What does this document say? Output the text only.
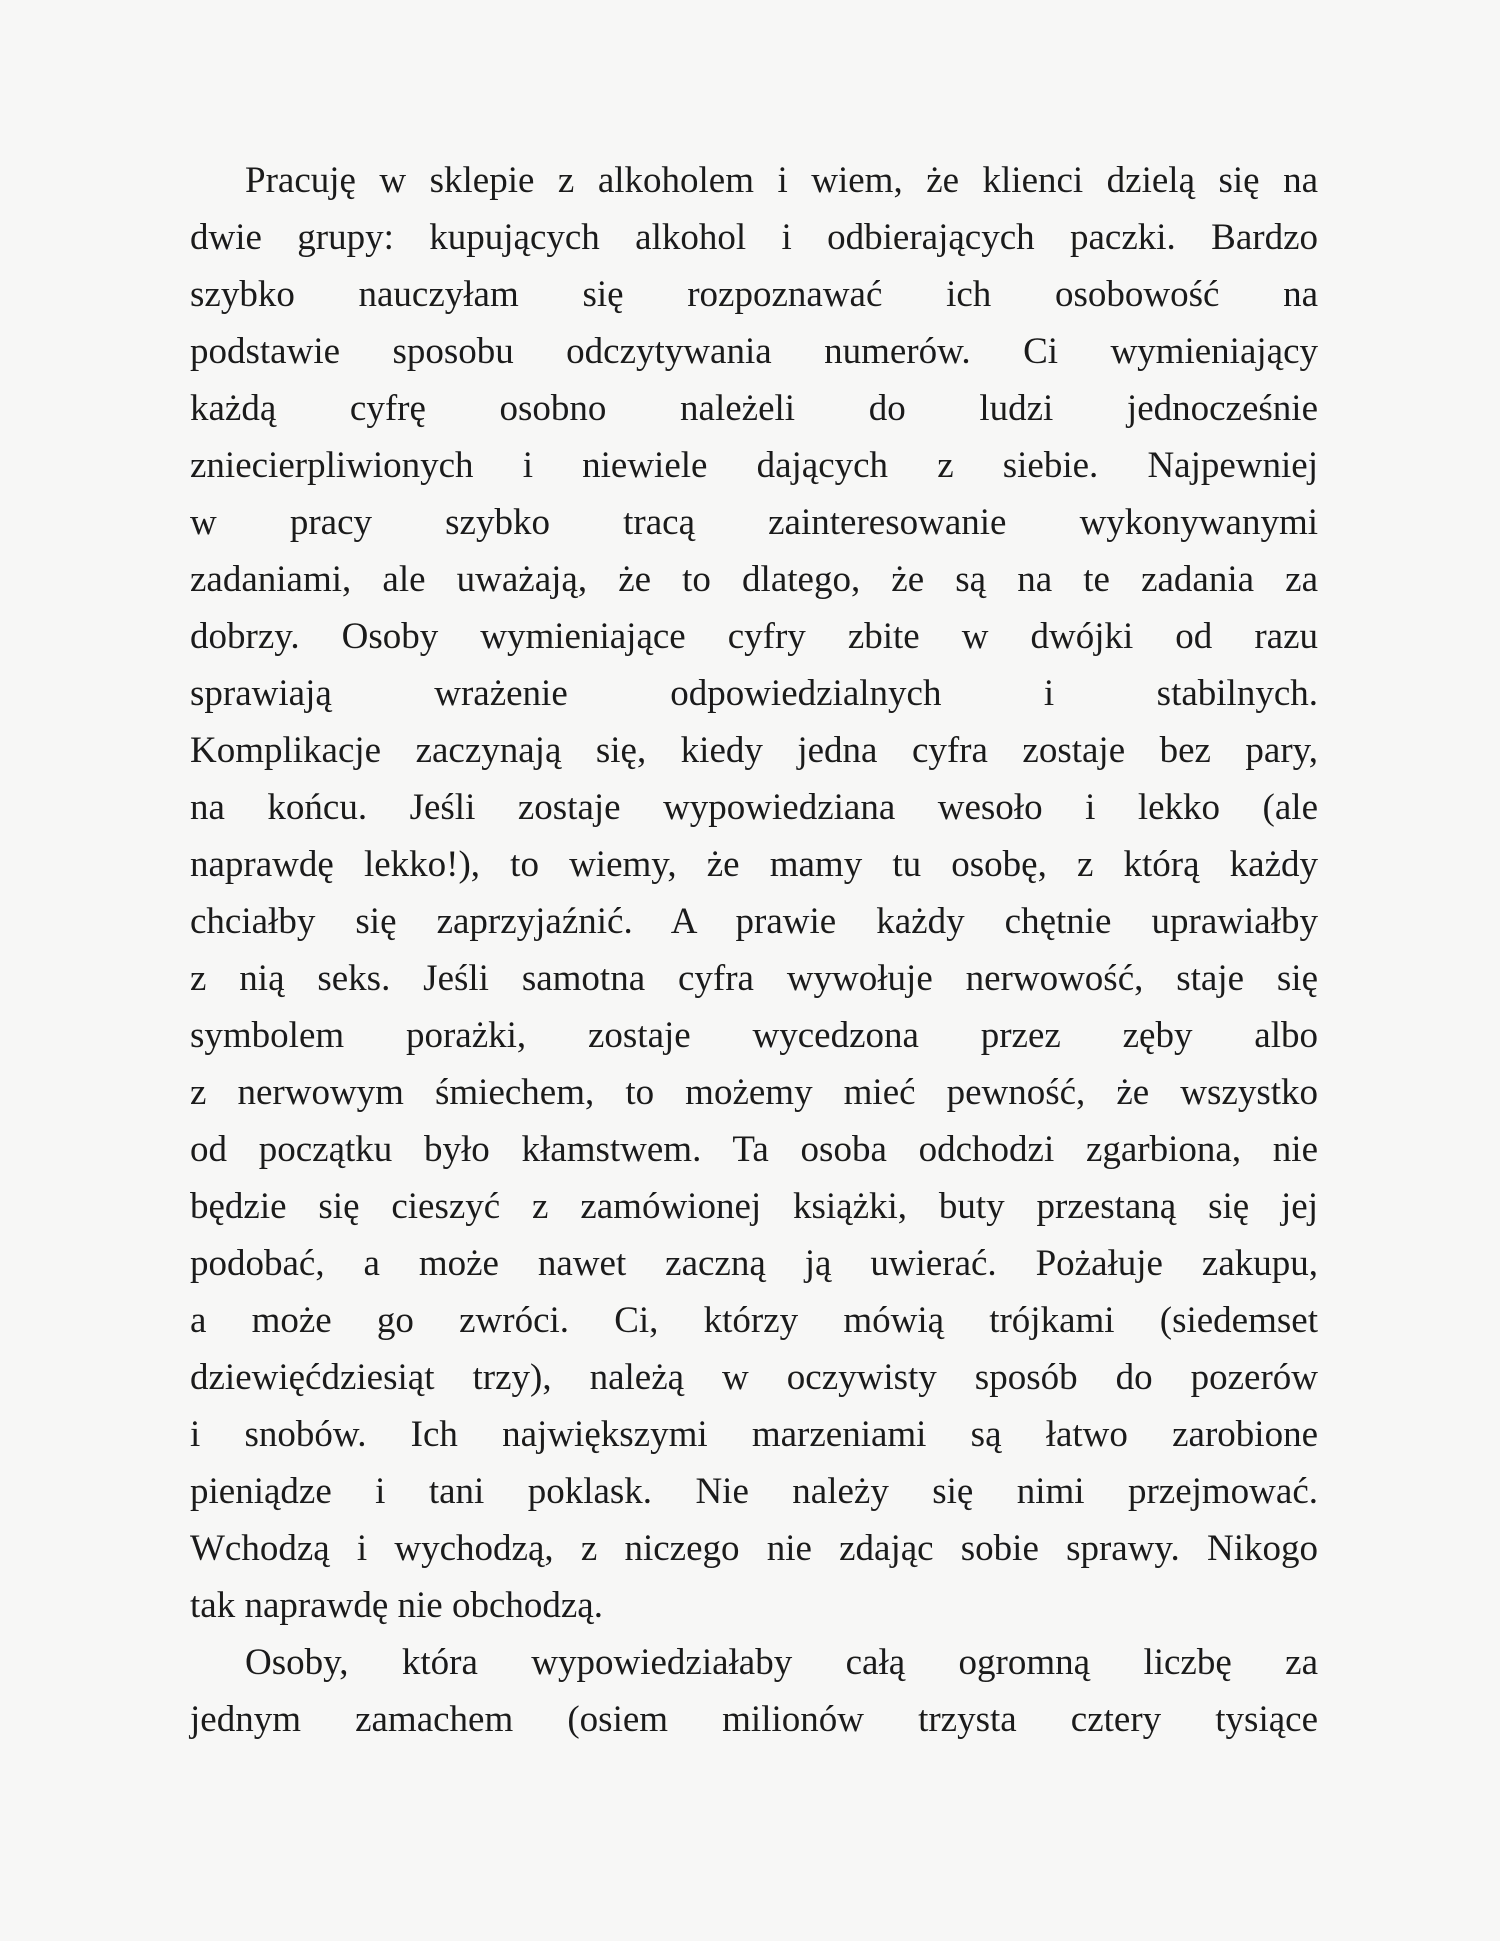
Pracuję w sklepie z alkoholem i wiem, że klienci dzielą się na
dwie grupy: kupujących alkohol i odbierających paczki. Bardzo
szybko nauczyłam się rozpoznawać ich osobowość na
podstawie sposobu odczytywania numerów. Ci wymieniający
każdą cyfrę osobno należeli do ludzi jednocześnie
zniecierpliwionych i niewiele dających z siebie. Najpewniej
w pracy szybko tracą zainteresowanie wykonywanymi
zadaniami, ale uważają, że to dlatego, że są na te zadania za
dobrzy. Osoby wymieniające cyfry zbite w dwójki od razu
sprawiają wrażenie odpowiedzialnych i stabilnych.
Komplikacje zaczynają się, kiedy jedna cyfra zostaje bez pary,
na końcu. Jeśli zostaje wypowiedziana wesoło i lekko (ale
naprawdę lekko!), to wiemy, że mamy tu osobę, z którą każdy
chciałby się zaprzyjaźnić. A prawie każdy chętnie uprawiałby
z nią seks. Jeśli samotna cyfra wywołuje nerwowość, staje się
symbolem porażki, zostaje wycedzona przez zęby albo
z nerwowym śmiechem, to możemy mieć pewność, że wszystko
od początku było kłamstwem. Ta osoba odchodzi zgarbiona, nie
będzie się cieszyć z zamówionej książki, buty przestaną się jej
podobać, a może nawet zaczną ją uwierać. Pożałuje zakupu,
a może go zwróci. Ci, którzy mówią trójkami (siedemset
dziewięćdziesiąt trzy), należą w oczywisty sposób do pozerów
i snobów. Ich największymi marzeniami są łatwo zarobione
pieniądze i tani poklask. Nie należy się nimi przejmować.
Wchodzą i wychodzą, z niczego nie zdając sobie sprawy. Nikogo
tak naprawdę nie obchodzą.
Osoby, która wypowiedziałaby całą ogromną liczbę za
jednym zamachem (osiem milionów trzysta cztery tysiące
